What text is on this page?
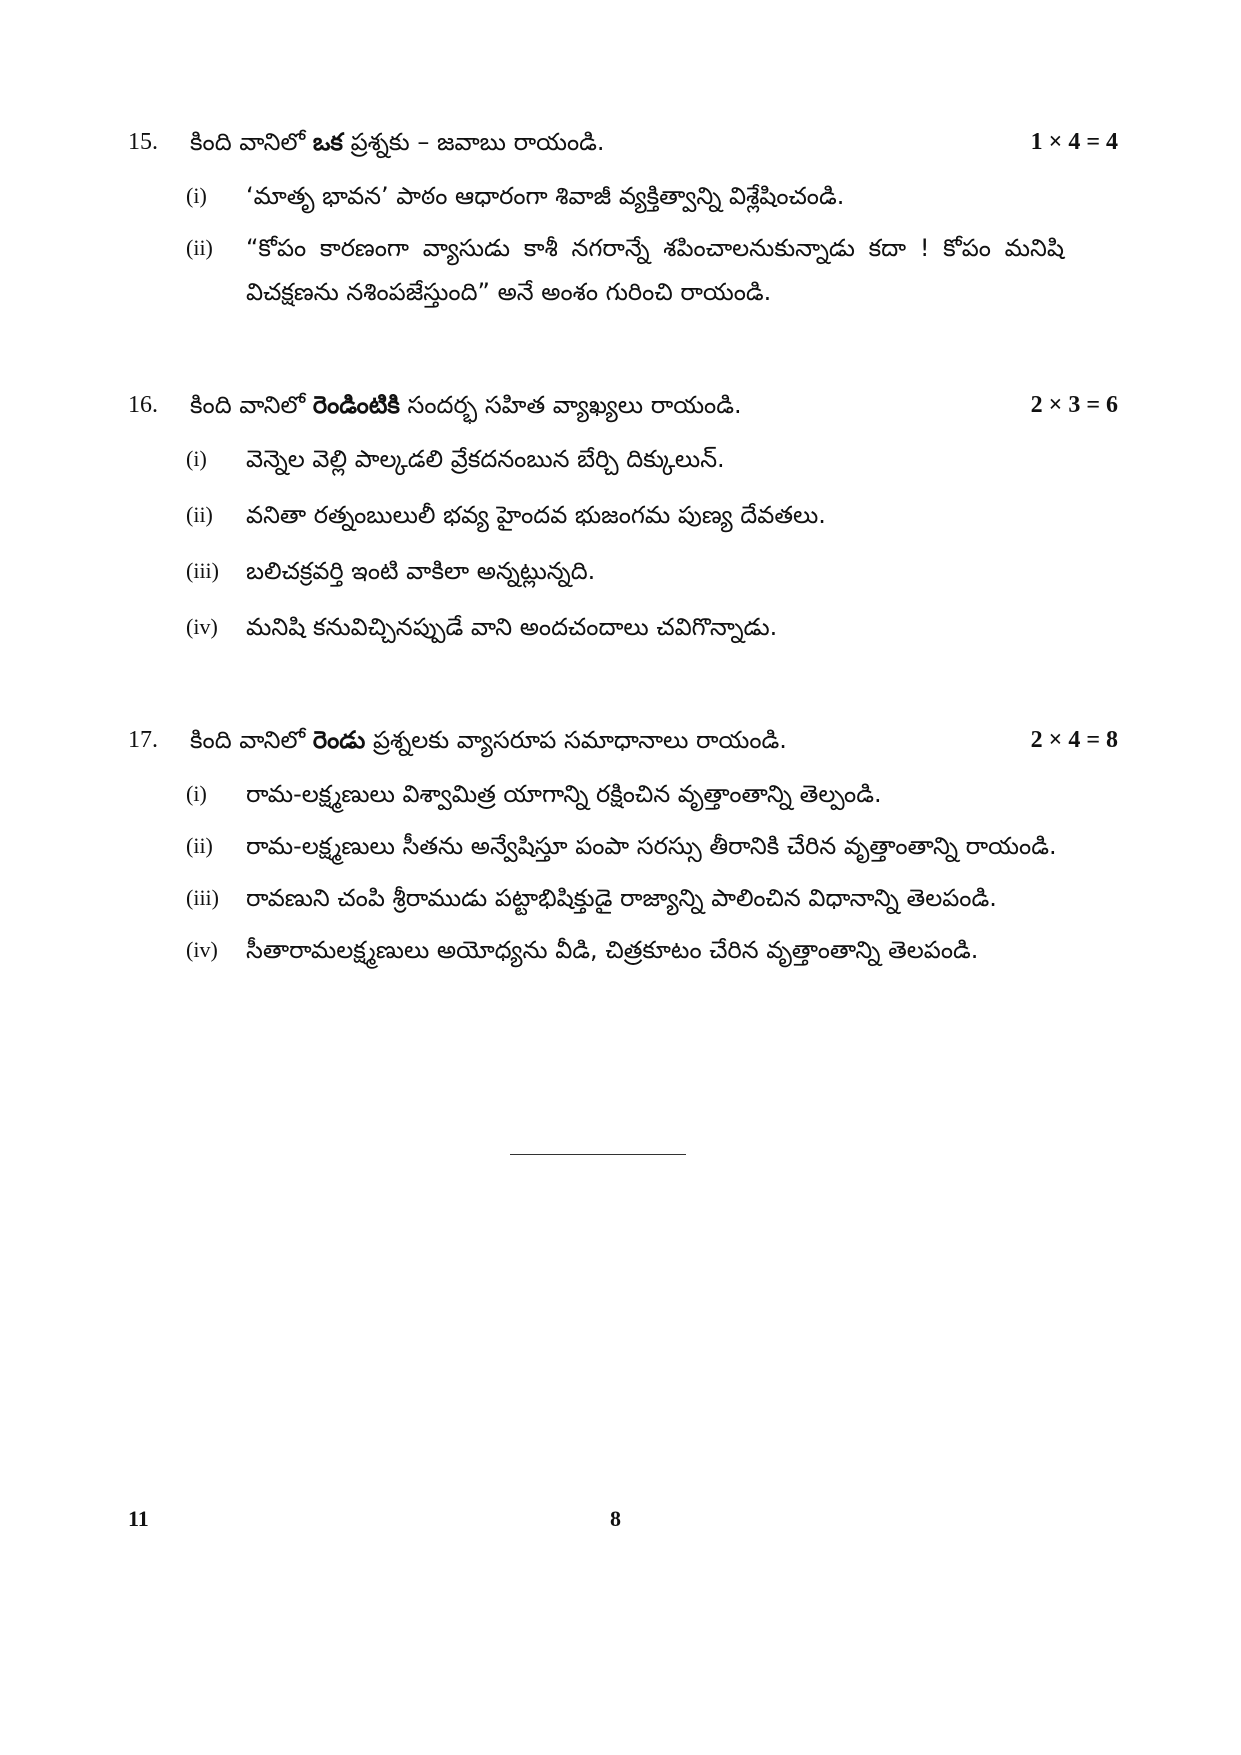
15. కింది వానిలో ఒక ప్రశ్నకు – జవాబు రాయండి.	1 × 4 = 4
(i) ‘మాతృ భావన’ పాఠం ఆధారంగా శివాజీ వ్యక్తిత్వాన్ని విశ్లేషించండి.
(ii) “కోపం కారణంగా వ్యాసుడు కాశీ నగరాన్నే శపించాలనుకున్నాడు కదా ! కోపం మనిషి విచక్షణను నశింపజేస్తుంది” అనే అంశం గురించి రాయండి.
16. కింది వానిలో రెండింటికి సందర్భ సహిత వ్యాఖ్యలు రాయండి.	2 × 3 = 6
(i) వెన్నెల వెల్లి పాల్కడలి వ్రేకదనంబున బేర్చి దిక్కులున్.
(ii) వనితా రత్నంబులులీ భవ్య హైందవ భుజంగమ పుణ్య దేవతలు.
(iii) బలిచక్రవర్తి ఇంటి వాకిలా అన్నట్లున్నది.
(iv) మనిషి కనువిచ్చినప్పుడే వాని అందచందాలు చవిగొన్నాడు.
17. కింది వానిలో రెండు ప్రశ్నలకు వ్యాసరూప సమాధానాలు రాయండి.	2 × 4 = 8
(i) రామ-లక్ష్మణులు విశ్వామిత్ర యాగాన్ని రక్షించిన వృత్తాంతాన్ని తెల్పండి.
(ii) రామ-లక్ష్మణులు సీతను అన్వేషిస్తూ పంపా సరస్సు తీరానికి చేరిన వృత్తాంతాన్ని రాయండి.
(iii) రావణుని చంపి శ్రీరాముడు పట్టాభిషిక్తుడై రాజ్యాన్ని పాలించిన విధానాన్ని తెలపండి.
(iv) సీతారామలక్ష్మణులు అయోధ్యను వీడి, చిత్రకూటం చేరిన వృత్తాంతాన్ని తెలపండి.
11	8
